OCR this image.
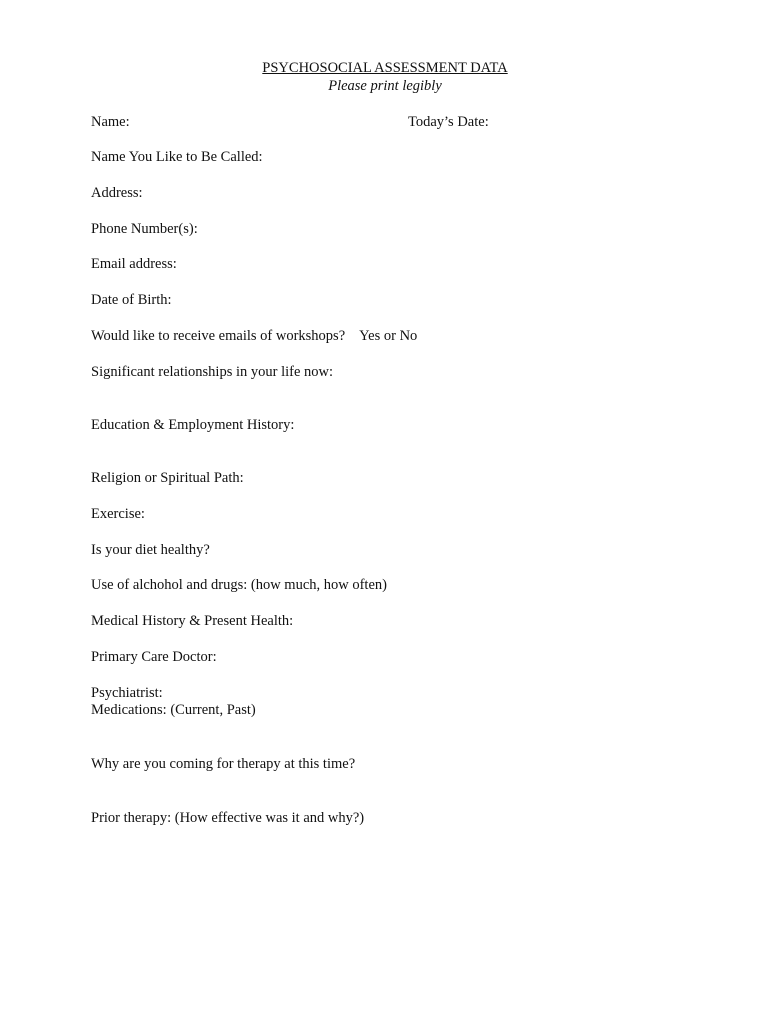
PSYCHOSOCIAL ASSESSMENT DATA
Please print legibly
Name:	Today’s Date:
Name You Like to Be Called:
Address:
Phone Number(s):
Email address:
Date of Birth:
Would like to receive emails of workshops? Yes or No
Significant relationships in your life now:
Education & Employment History:
Religion or Spiritual Path:
Exercise:
Is your diet healthy?
Use of alchohol and drugs: (how much, how often)
Medical History & Present Health:
Primary Care Doctor:
Psychiatrist:
Medications: (Current, Past)
Why are you coming for therapy at this time?
Prior therapy: (How effective was it and why?)
